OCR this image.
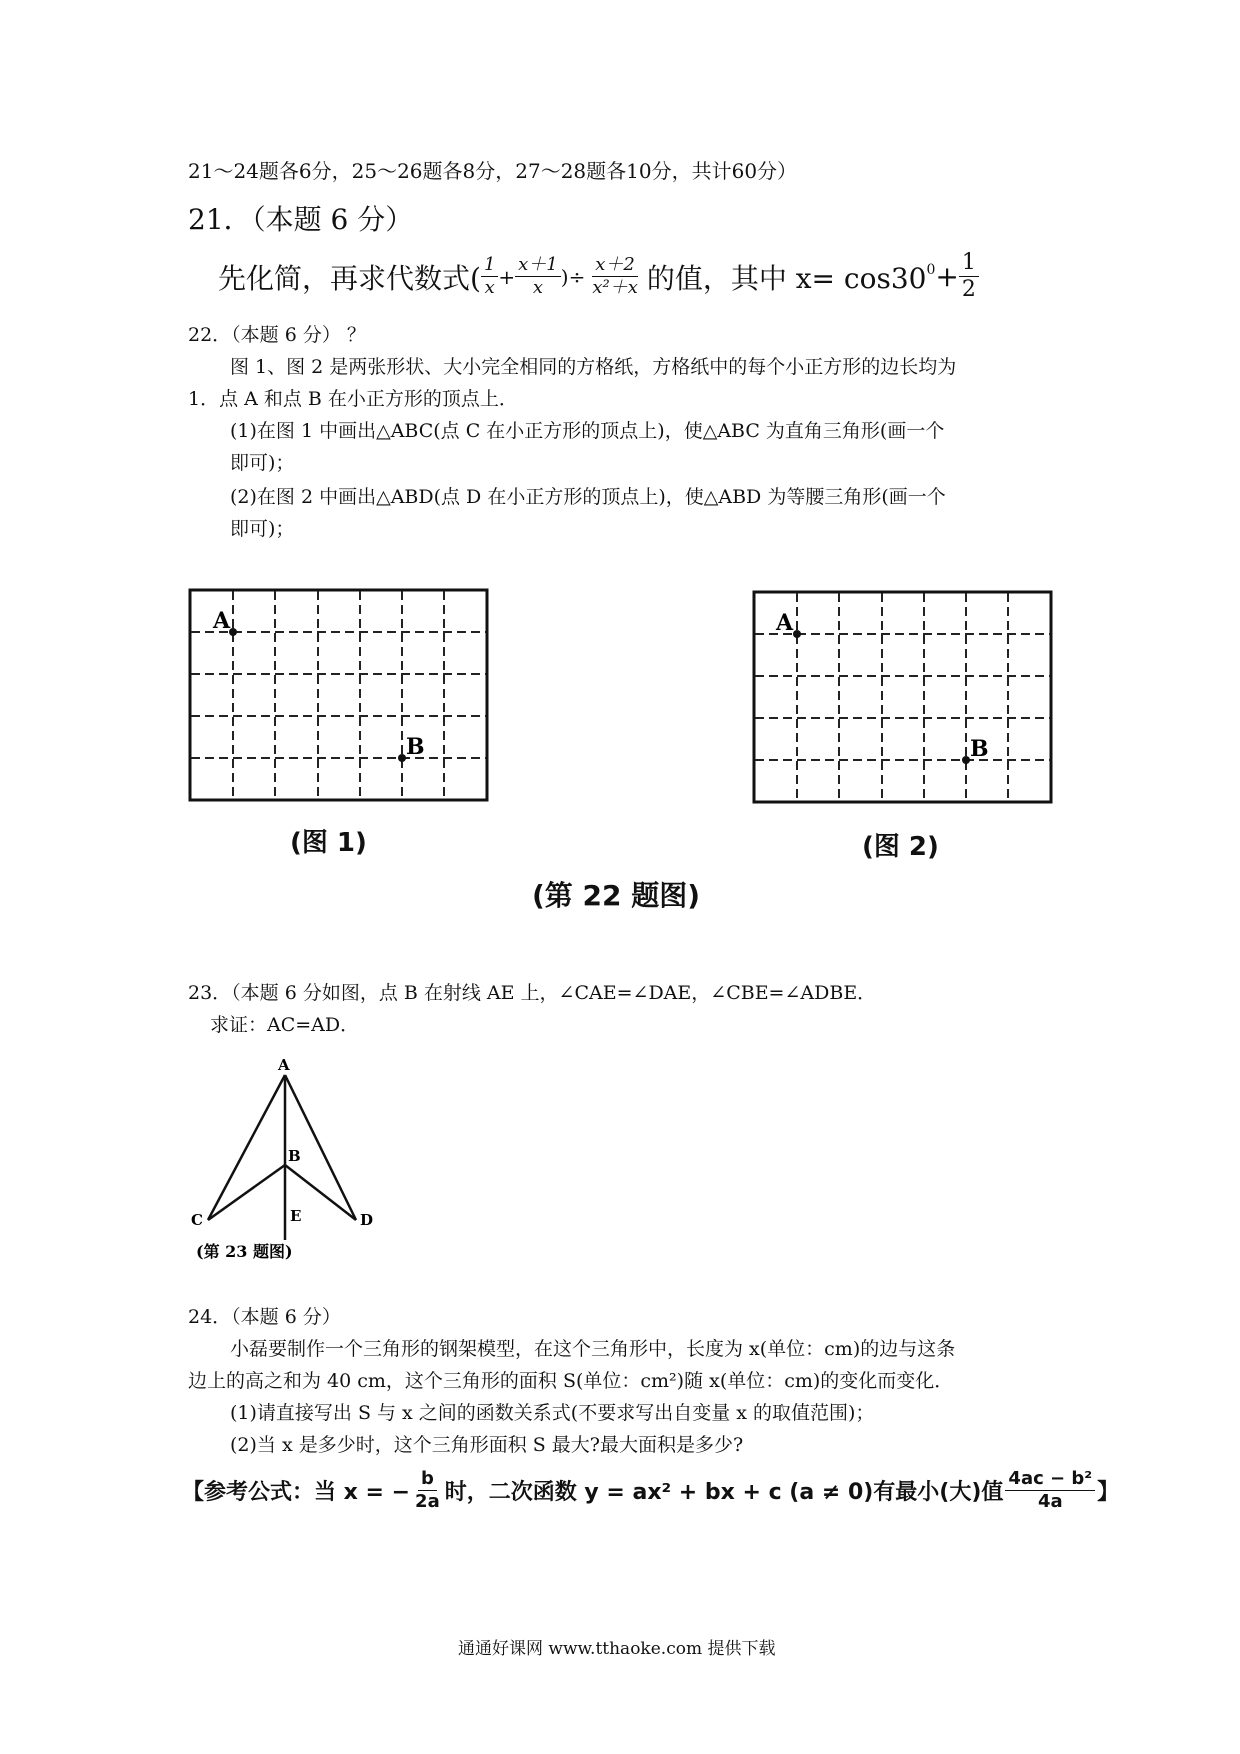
21～24题各6分，25～26题各8分，27～28题各10分，共计60分）
21．（本题 6 分）
先化简，再求代数式( $\frac{1}{x} + \frac{x+1}{x}$ )÷ $\frac{x+2}{\text{x²＋x}}$ 的值，其中 $x= \cos 30^0 + \frac{1}{2}$
22．（本题 6 分） ？
图 1、图 2 是两张形状、大小完全相同的方格纸，方格纸中的每个小正方形的边长均为
1．点 A 和点 B 在小正方形的顶点上．
(1)在图 1 中画出△ABC(点 C 在小正方形的顶点上)，使△ABC 为直角三角形(画一个
即可)；
(2)在图 2 中画出△ABD(点 D 在小正方形的顶点上)，使△ABD 为等腰三角形(画一个
即可)；
A
B
A
B
(图 1)	(图 2)
(第 22 题图)
23．（本题 6 分如图，点 B 在射线 AE 上，∠CAE=∠DAE，∠CBE=∠ADBE．
求证：AC=AD．
A
B
C	D
E
(第 23 题图)
24．（本题 6 分）
小磊要制作一个三角形的钢架模型，在这个三角形中，长度为 x(单位：cm)的边与这条
边上的高之和为 40 cm，这个三角形的面积 S(单位：cm²)随 x(单位：cm)的变化而变化．
(1)请直接写出 S 与 x 之间的函数关系式(不要求写出自变量 x 的取值范围)；
(2)当 x 是多少时，这个三角形面积 S 最大?最大面积是多少?
【参考公式：当 x = − $\frac{b}{2a}$ 时，二次函数 y = ax² + bx + c (a ≠ 0)有最小(大)值 $\frac{\text{4ac − b²}}{4a}$ 】
通通好课网 www.tthaoke.com 提供下载
